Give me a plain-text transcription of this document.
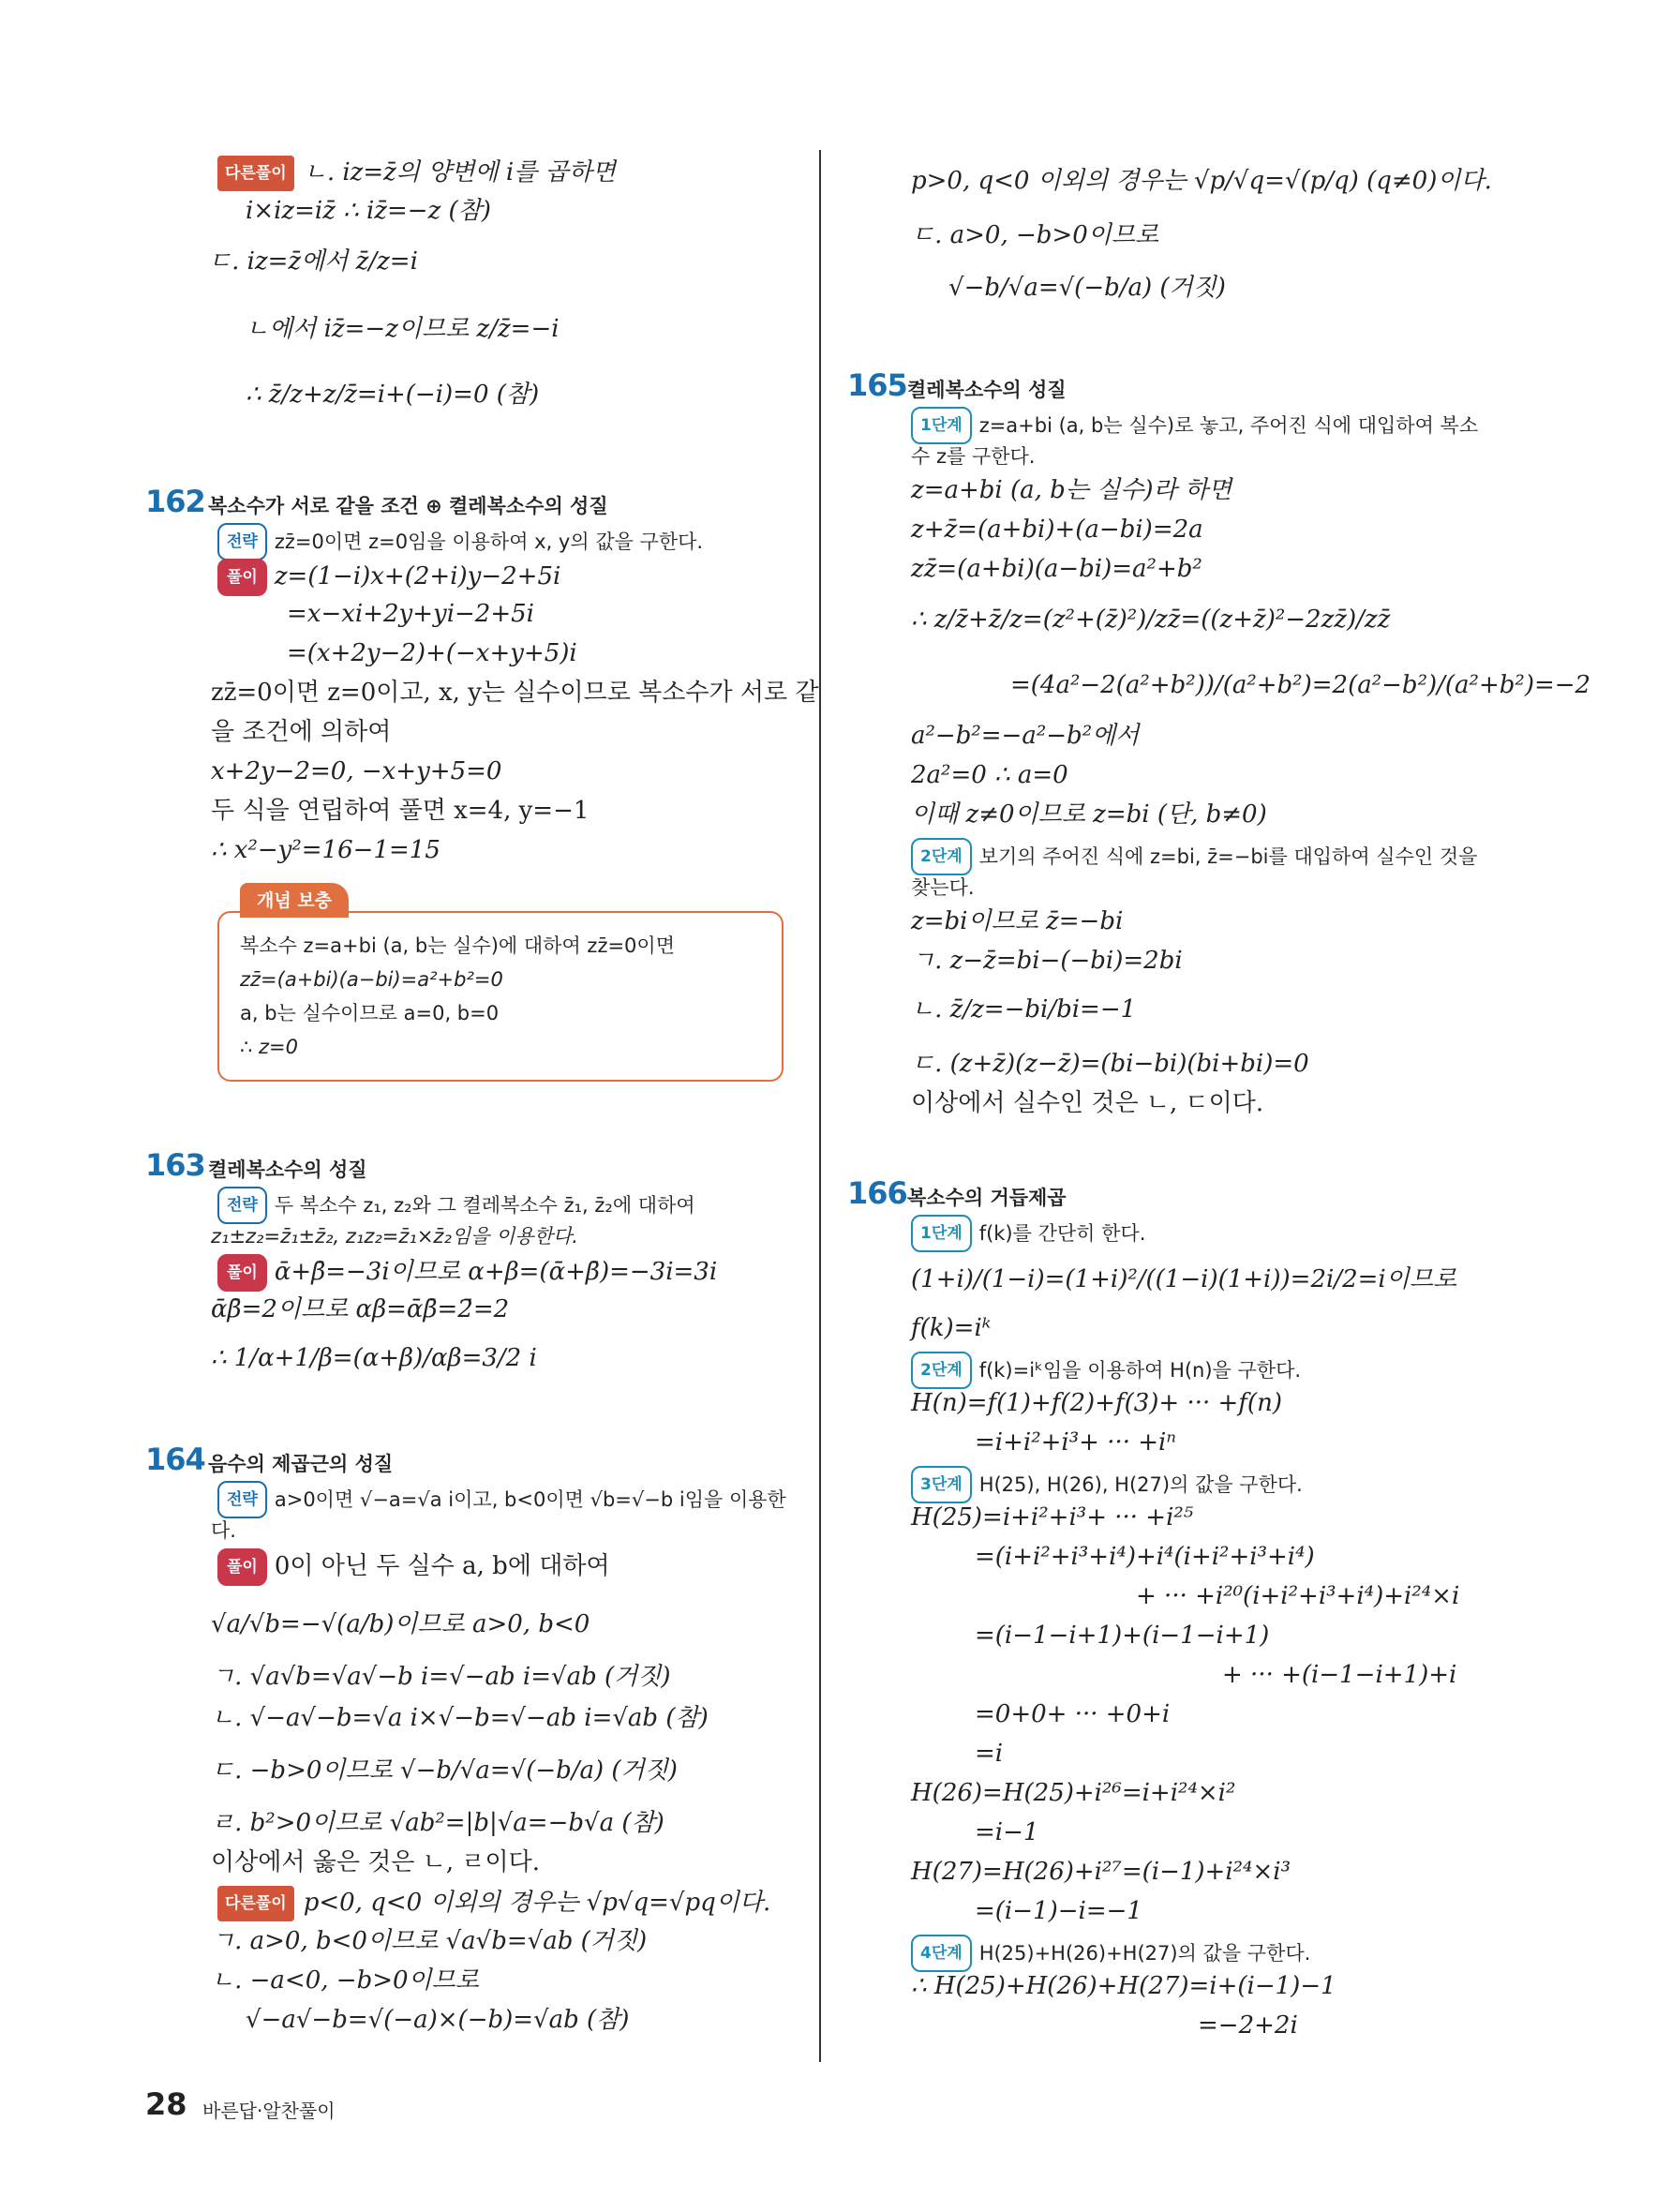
다른풀이 ㄴ. iz=z̄의 양변에 i를 곱하면
i×iz=iz̄ ∴ iz̄=−z (참)
ㄷ. iz=z̄에서 z̄/z=i
ㄴ에서 iz̄=−z이므로 z/z̄=−i
∴ z̄/z+z/z̄=i+(−i)=0 (참)
162 복소수가 서로 같을 조건 ⊕ 켤레복소수의 성질
전략 zz̄=0이면 z=0임을 이용하여 x, y의 값을 구한다.
풀이 z=(1−i)x+(2+i)y−2+5i
=x−xi+2y+yi−2+5i
=(x+2y−2)+(−x+y+5)i
zz̄=0이면 z=0이고, x, y는 실수이므로 복소수가 서로 같
을 조건에 의하여
x+2y−2=0, −x+y+5=0
두 식을 연립하여 풀면 x=4, y=−1
∴ x²−y²=16−1=15
개념 보충
복소수 z=a+bi (a, b는 실수)에 대하여 zz̄=0이면
zz̄=(a+bi)(a−bi)=a²+b²=0
a, b는 실수이므로 a=0, b=0
∴ z=0
163 켤레복소수의 성질
전략 두 복소수 z₁, z₂와 그 켤레복소수 z̄₁, z̄₂에 대하여
z₁±z₂=z̄₁±z̄₂, z₁z₂=z̄₁×z̄₂임을 이용한다.
풀이 ᾱ+β̄=−3i이므로 α+β=(ᾱ+β̄)=−3i=3i
ᾱβ̄=2이므로 αβ=ᾱβ̄=2̄=2
∴ 1/α+1/β=(α+β)/αβ=3/2 i
164 음수의 제곱근의 성질
전략 a>0이면 √−a=√a i이고, b<0이면 √b=√−b i임을 이용한
다.
풀이 0이 아닌 두 실수 a, b에 대하여
√a/√b=−√(a/b)이므로 a>0, b<0
ㄱ. √a√b=√a√−b i=√−ab i=√ab (거짓)
ㄴ. √−a√−b=√a i×√−b=√−ab i=√ab (참)
ㄷ. −b>0이므로 √−b/√a=√(−b/a) (거짓)
ㄹ. b²>0이므로 √ab²=|b|√a=−b√a (참)
이상에서 옳은 것은 ㄴ, ㄹ이다.
다른풀이 p<0, q<0 이외의 경우는 √p√q=√pq이다.
ㄱ. a>0, b<0이므로 √a√b=√ab (거짓)
ㄴ. −a<0, −b>0이므로
√−a√−b=√(−a)×(−b)=√ab (참)
p>0, q<0 이외의 경우는 √p/√q=√(p/q) (q≠0)이다.
ㄷ. a>0, −b>0이므로
√−b/√a=√(−b/a) (거짓)
165 켤레복소수의 성질
1단계 z=a+bi (a, b는 실수)로 놓고, 주어진 식에 대입하여 복소
수 z를 구한다.
z=a+bi (a, b는 실수)라 하면
z+z̄=(a+bi)+(a−bi)=2a
zz̄=(a+bi)(a−bi)=a²+b²
∴ z/z̄+z̄/z=(z²+(z̄)²)/zz̄=((z+z̄)²−2zz̄)/zz̄
=(4a²−2(a²+b²))/(a²+b²)=2(a²−b²)/(a²+b²)=−2
a²−b²=−a²−b²에서
2a²=0 ∴ a=0
이때 z≠0이므로 z=bi (단, b≠0)
2단계 보기의 주어진 식에 z=bi, z̄=−bi를 대입하여 실수인 것을
찾는다.
z=bi이므로 z̄=−bi
ㄱ. z−z̄=bi−(−bi)=2bi
ㄴ. z̄/z=−bi/bi=−1
ㄷ. (z+z̄)(z−z̄)=(bi−bi)(bi+bi)=0
이상에서 실수인 것은 ㄴ, ㄷ이다.
166 복소수의 거듭제곱
1단계 f(k)를 간단히 한다.
(1+i)/(1−i)=(1+i)²/((1−i)(1+i))=2i/2=i이므로
f(k)=iᵏ
2단계 f(k)=iᵏ임을 이용하여 H(n)을 구한다.
H(n)=f(1)+f(2)+f(3)+ ··· +f(n)
=i+i²+i³+ ··· +iⁿ
3단계 H(25), H(26), H(27)의 값을 구한다.
H(25)=i+i²+i³+ ··· +i²⁵
=(i+i²+i³+i⁴)+i⁴(i+i²+i³+i⁴)
+ ··· +i²⁰(i+i²+i³+i⁴)+i²⁴×i
=(i−1−i+1)+(i−1−i+1)
+ ··· +(i−1−i+1)+i
=0+0+ ··· +0+i
=i
H(26)=H(25)+i²⁶=i+i²⁴×i²
=i−1
H(27)=H(26)+i²⁷=(i−1)+i²⁴×i³
=(i−1)−i=−1
4단계 H(25)+H(26)+H(27)의 값을 구한다.
∴ H(25)+H(26)+H(27)=i+(i−1)−1
=−2+2i
28 바른답·알찬풀이
